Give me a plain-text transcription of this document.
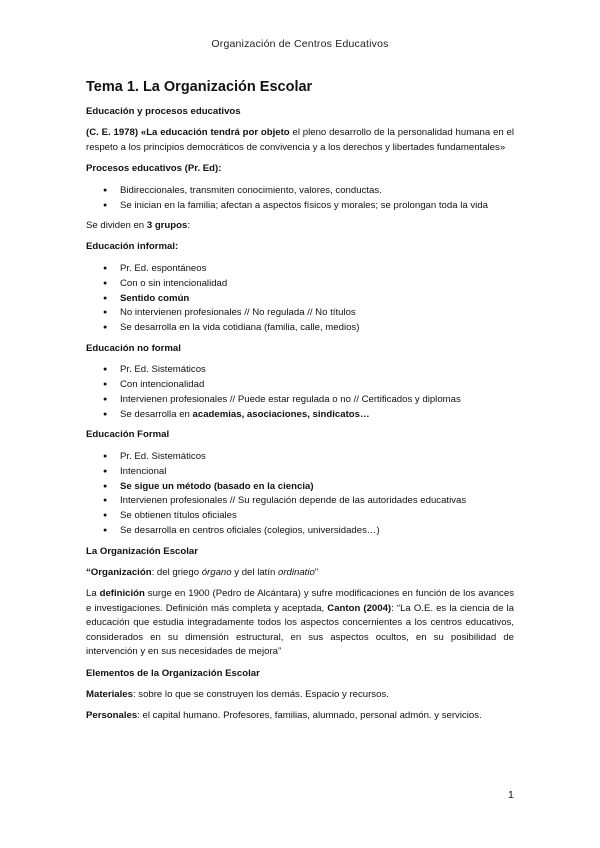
Organización de Centros Educativos
Tema 1. La Organización Escolar
Educación y procesos educativos

(C. E. 1978) «La educación tendrá por objeto el pleno desarrollo de la personalidad humana en el respeto a los principios democráticos de convivencia y a los derechos y libertades fundamentales»

Procesos educativos (Pr. Ed):
● Bidireccionales, transmiten conocimiento, valores, conductas.
● Se inician en la familia; afectan a aspectos físicos y morales; se prolongan toda la vida

Se dividen en 3 grupos:

Educación informal:
● Pr. Ed. espontáneos
● Con o sin intencionalidad
● Sentido común
● No intervienen profesionales // No regulada // No títulos
● Se desarrolla en la vida cotidiana (familia, calle, medios)
Educación no formal
● Pr. Ed. Sistemáticos
● Con intencionalidad
● Intervienen profesionales // Puede estar regulada o no // Certificados y diplomas
● Se desarrolla en academias, asociaciones, sindicatos…
Educación Formal
● Pr. Ed. Sistemáticos
● Intencional
● Se sigue un método (basado en la ciencia)
● Intervienen profesionales // Su regulación depende de las autoridades educativas
● Se obtienen títulos oficiales
● Se desarrolla en centros oficiales (colegios, universidades…)
La Organización Escolar

“Organización: del griego órgano y del latín ordinatio”

La definición surge en 1900 (Pedro de Alcántara) y sufre modificaciones en función de los avances e investigaciones. Definición más completa y aceptada, Canton (2004): “La O.E. es la ciencia de la educación que estudia integradamente todos los aspectos concernientes a los centros educativos, considerados en su dimensión estructural, en sus aspectos ocultos, en su posibilidad de intervención y en sus necesidades de mejora”

Elementos de la Organización Escolar

Materiales: sobre lo que se construyen los demás. Espacio y recursos.

Personales: el capital humano. Profesores, familias, alumnado, personal admón. y servicios.

1
